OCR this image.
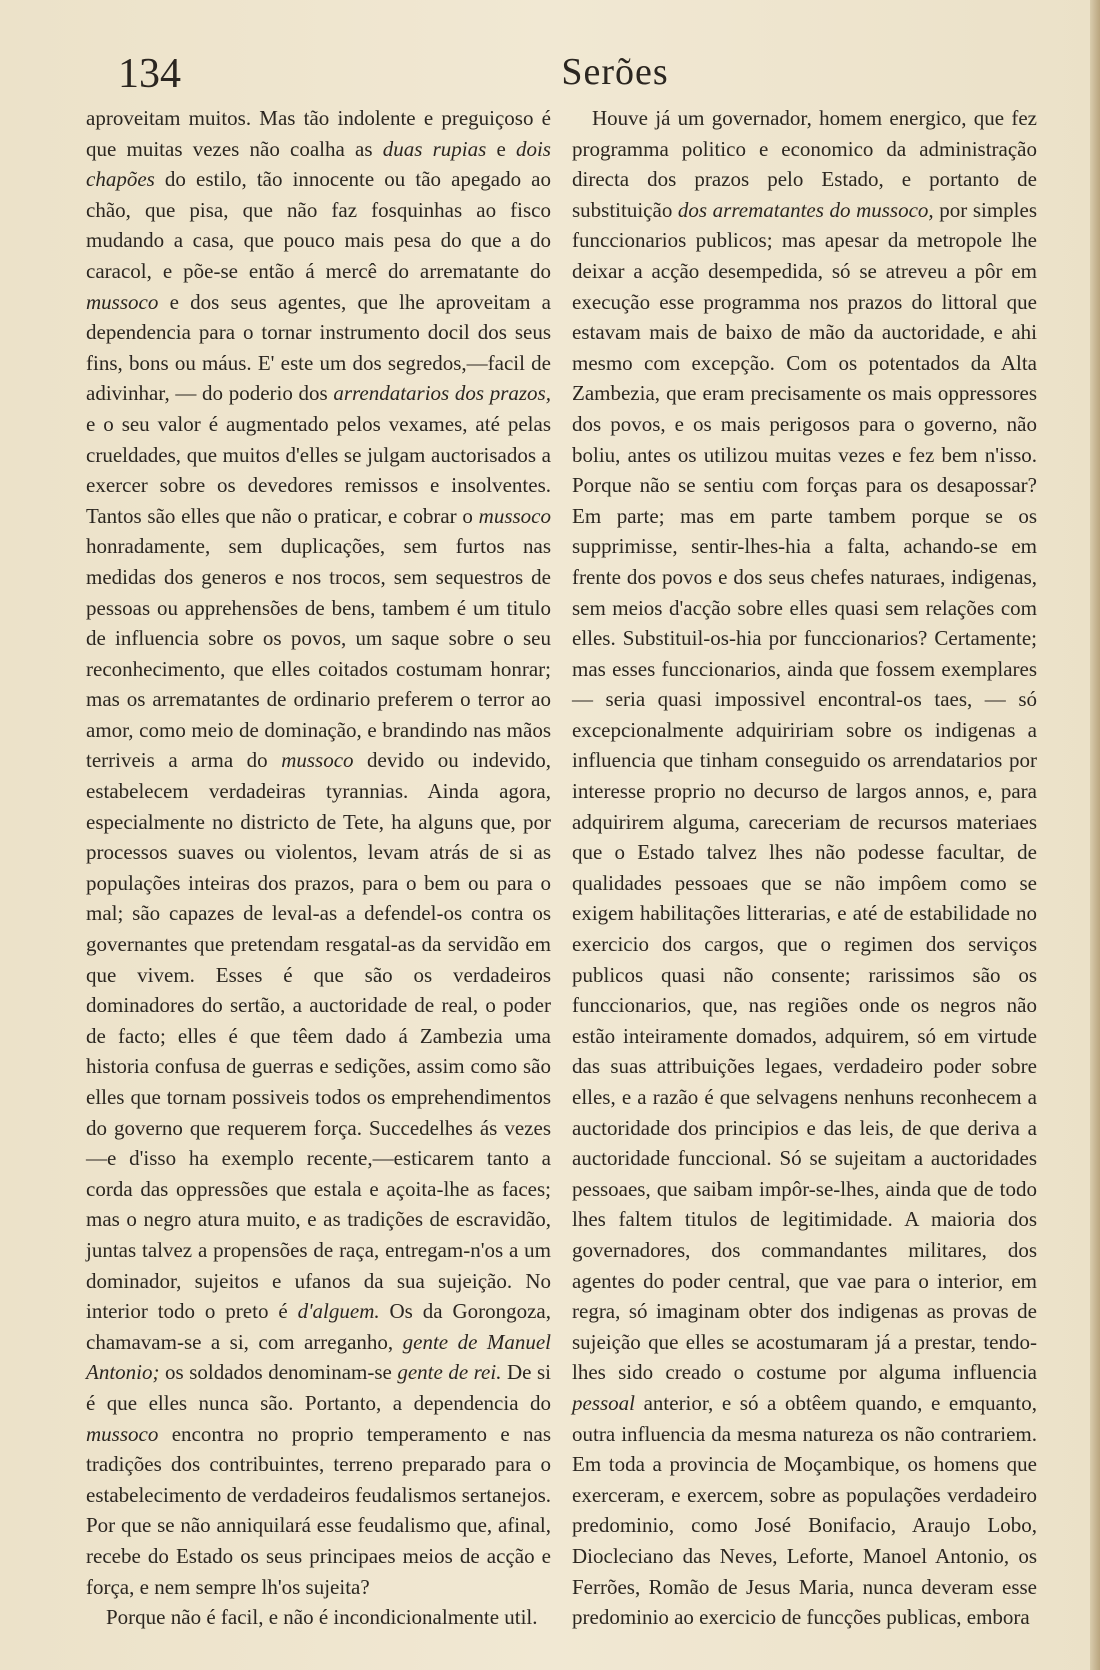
134	Serões

aproveitam muitos. Mas tão indolente e preguiçoso é que muitas vezes não coalha as duas rupias e dois chapões do estilo, tão innocente ou tão apegado ao chão, que pisa, que não faz fosquinhas ao fisco mudando a casa, que pouco mais pesa do que a do caracol, e põe-se então á mercê do arrematante do mussoco e dos seus agentes, que lhe aproveitam a dependencia para o tornar instrumento docil dos seus fins, bons ou máus. E' este um dos segredos,—facil de adivinhar, — do poderio dos arrendatarios dos prazos, e o seu valor é augmentado pelos vexames, até pelas crueldades, que muitos d'elles se julgam auctorisados a exercer sobre os devedores remissos e insolventes. Tantos são elles que não o praticar, e cobrar o mussoco honradamente, sem duplicações, sem furtos nas medidas dos generos e nos trocos, sem sequestros de pessoas ou apprehensões de bens, tambem é um titulo de influencia sobre os povos, um saque sobre o seu reconhecimento, que elles coitados costumam honrar; mas os arrematantes de ordinario preferem o terror ao amor, como meio de dominação, e brandindo nas mãos terriveis a arma do mussoco devido ou indevido, estabelecem verdadeiras tyrannias. Ainda agora, especialmente no districto de Tete, ha alguns que, por processos suaves ou violentos, levam atrás de si as populações inteiras dos prazos, para o bem ou para o mal; são capazes de leval-as a defendel-os contra os governantes que pretendam resgatal-as da servidão em que vivem. Esses é que são os verdadeiros dominadores do sertão, a auctoridade de real, o poder de facto; elles é que têem dado á Zambezia uma historia confusa de guerras e sedições, assim como são elles que tornam possiveis todos os emprehendimentos do governo que requerem força. Succedelhes ás vezes—e d'isso ha exemplo recente,—esticarem tanto a corda das oppressões que estala e açoita-lhe as faces; mas o negro atura muito, e as tradições de escravidão, juntas talvez a propensões de raça, entregam-n'os a um dominador, sujeitos e ufanos da sua sujeição. No interior todo o preto é d'alguem. Os da Gorongoza, chamavam-se a si, com arreganho, gente de Manuel Antonio; os soldados denominam-se gente de rei. De si é que elles nunca são. Portanto, a dependencia do mussoco encontra no proprio temperamento e nas tradições dos contribuintes, terreno preparado para o estabelecimento de verdadeiros feudalismos sertanejos. Por que se não anniquilará esse feudalismo que, afinal, recebe do Estado os seus principaes meios de acção e força, e nem sempre lh'os sujeita?

Porque não é facil, e não é incondicionalmente util.

Houve já um governador, homem energico, que fez programma politico e economico da administração directa dos prazos pelo Estado, e portanto de substituição dos arrematantes do mussoco, por simples funccionarios publicos; mas apesar da metropole lhe deixar a acção desempedida, só se atreveu a pôr em execução esse programma nos prazos do littoral que estavam mais de baixo de mão da auctoridade, e ahi mesmo com excepção. Com os potentados da Alta Zambezia, que eram precisamente os mais oppressores dos povos, e os mais perigosos para o governo, não boliu, antes os utilizou muitas vezes e fez bem n'isso. Porque não se sentiu com forças para os desapossar? Em parte; mas em parte tambem porque se os supprimisse, sentir-lhes-hia a falta, achando-se em frente dos povos e dos seus chefes naturaes, indigenas, sem meios d'acção sobre elles quasi sem relações com elles. Substituil-os-hia por funccionarios? Certamente; mas esses funccionarios, ainda que fossem exemplares — seria quasi impossivel encontral-os taes, — só excepcionalmente adquiririam sobre os indigenas a influencia que tinham conseguido os arrendatarios por interesse proprio no decurso de largos annos, e, para adquirirem alguma, careceriam de recursos materiaes que o Estado talvez lhes não podesse facultar, de qualidades pessoaes que se não impôem como se exigem habilitações litterarias, e até de estabilidade no exercicio dos cargos, que o regimen dos serviços publicos quasi não consente; rarissimos são os funccionarios, que, nas regiões onde os negros não estão inteiramente domados, adquirem, só em virtude das suas attribuições legaes, verdadeiro poder sobre elles, e a razão é que selvagens nenhuns reconhecem a auctoridade dos principios e das leis, de que deriva a auctoridade funccional. Só se sujeitam a auctoridades pessoaes, que saibam impôr-se-lhes, ainda que de todo lhes faltem titulos de legitimidade. A maioria dos governadores, dos commandantes militares, dos agentes do poder central, que vae para o interior, em regra, só imaginam obter dos indigenas as provas de sujeição que elles se acostumaram já a prestar, tendo-lhes sido creado o costume por alguma influencia pessoal anterior, e só a obtêem quando, e emquanto, outra influencia da mesma natureza os não contrariem. Em toda a provincia de Moçambique, os homens que exerceram, e exercem, sobre as populações verdadeiro predominio, como José Bonifacio, Araujo Lobo, Diocleciano das Neves, Leforte, Manoel Antonio, os Ferrões, Romão de Jesus Maria, nunca deveram esse predominio ao exercicio de funcções publicas, embora
